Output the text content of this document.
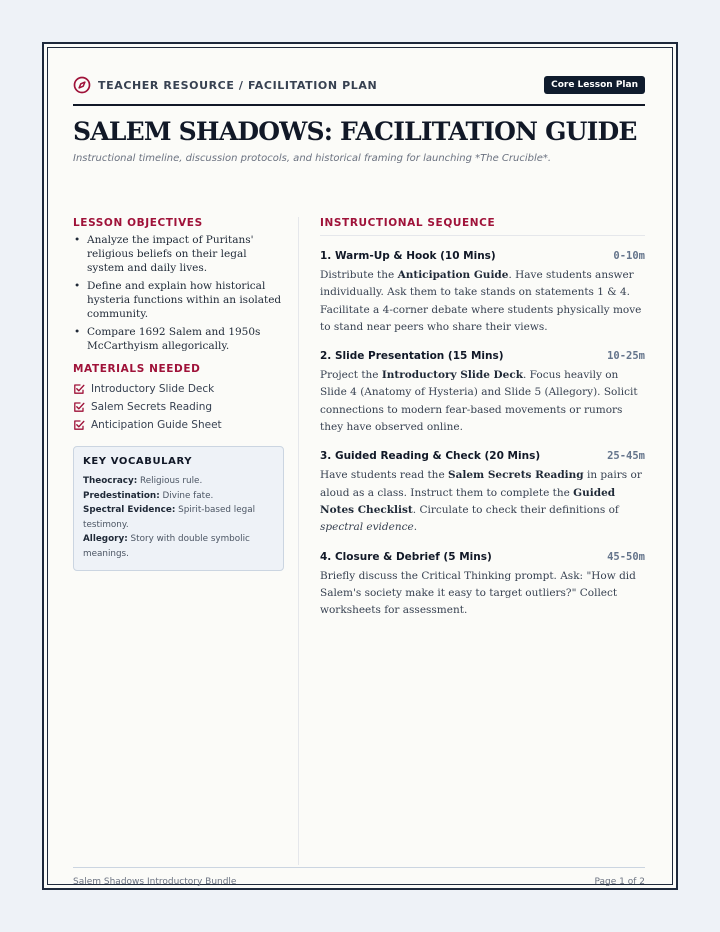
TEACHER RESOURCE / FACILITATION PLAN	Core Lesson Plan
SALEM SHADOWS: FACILITATION GUIDE

Instructional timeline, discussion protocols, and historical framing for launching *The Crucible*.

LESSON OBJECTIVES
• Analyze the impact of Puritans' religious beliefs on their legal system and daily lives.
• Define and explain how historical hysteria functions within an isolated community.
• Compare 1692 Salem and 1950s McCarthyism allegorically.
MATERIALS NEEDED
Introductory Slide Deck
Salem Secrets Reading
Anticipation Guide Sheet
KEY VOCABULARY
Theocracy: Religious rule.
Predestination: Divine fate.
Spectral Evidence: Spirit-based legal testimony.
Allegory: Story with double symbolic meanings.
INSTRUCTIONAL SEQUENCE
1. Warm-Up & Hook (10 Mins)	0-10m

Distribute the Anticipation Guide. Have students answer individually. Ask them to take stands on statements 1 & 4. Facilitate a 4-corner debate where students physically move to stand near peers who share their views.

2. Slide Presentation (15 Mins)	10-25m

Project the Introductory Slide Deck. Focus heavily on Slide 4 (Anatomy of Hysteria) and Slide 5 (Allegory). Solicit connections to modern fear-based movements or rumors they have observed online.

3. Guided Reading & Check (20 Mins)	25-45m

Have students read the Salem Secrets Reading in pairs or aloud as a class. Instruct them to complete the Guided Notes Checklist. Circulate to check their definitions of spectral evidence.

4. Closure & Debrief (5 Mins)	45-50m

Briefly discuss the Critical Thinking prompt. Ask: "How did Salem's society make it easy to target outliers?" Collect worksheets for assessment.

Salem Shadows Introductory Bundle	Page 1 of 2
